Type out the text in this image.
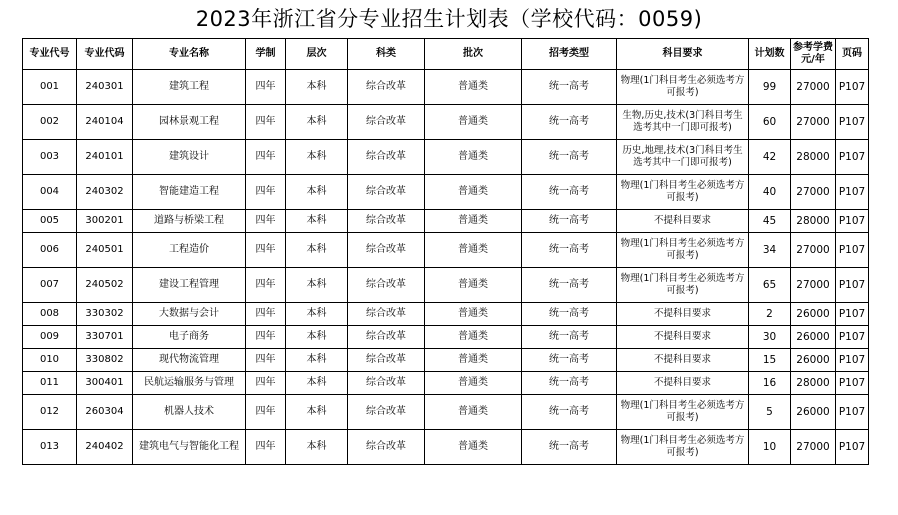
2023年浙江省分专业招生计划表（学校代码：0059)
专业代号	专业代码	专业名称	学制	层次	科类	批次	招考类型	科目要求	计划数	参考学费元/年	页码
001	240301	建筑工程	四年	本科	综合改革	普通类	统一高考	物理(1门科目考生必须选考方可报考)	99	27000	P107
002	240104	园林景观工程	四年	本科	综合改革	普通类	统一高考	生物,历史,技术(3门科目考生选考其中一门即可报考)	60	27000	P107
003	240101	建筑设计	四年	本科	综合改革	普通类	统一高考	历史,地理,技术(3门科目考生选考其中一门即可报考)	42	28000	P107
004	240302	智能建造工程	四年	本科	综合改革	普通类	统一高考	物理(1门科目考生必须选考方可报考)	40	27000	P107
005	300201	道路与桥梁工程	四年	本科	综合改革	普通类	统一高考	不提科目要求	45	28000	P107
006	240501	工程造价	四年	本科	综合改革	普通类	统一高考	物理(1门科目考生必须选考方可报考)	34	27000	P107
007	240502	建设工程管理	四年	本科	综合改革	普通类	统一高考	物理(1门科目考生必须选考方可报考)	65	27000	P107
008	330302	大数据与会计	四年	本科	综合改革	普通类	统一高考	不提科目要求	2	26000	P107
009	330701	电子商务	四年	本科	综合改革	普通类	统一高考	不提科目要求	30	26000	P107
010	330802	现代物流管理	四年	本科	综合改革	普通类	统一高考	不提科目要求	15	26000	P107
011	300401	民航运输服务与管理	四年	本科	综合改革	普通类	统一高考	不提科目要求	16	28000	P107
012	260304	机器人技术	四年	本科	综合改革	普通类	统一高考	物理(1门科目考生必须选考方可报考)	5	26000	P107
013	240402	建筑电气与智能化工程	四年	本科	综合改革	普通类	统一高考	物理(1门科目考生必须选考方可报考)	10	27000	P107
